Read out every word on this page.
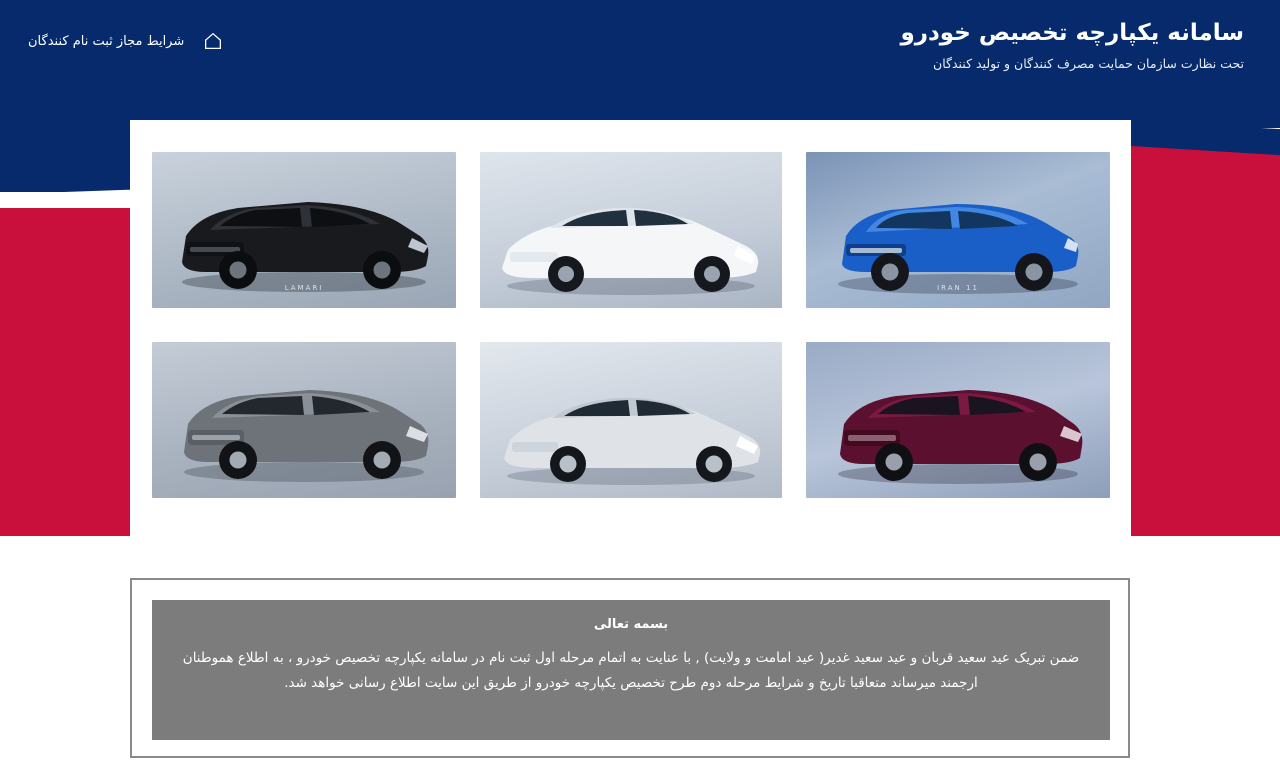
سامانه یکپارچه تخصیص خودرو
تحت نظارت سازمان حمایت مصرف کنندگان و تولید کنندگان
شرایط مجاز ثبت نام کنندگان
IRAN 11
LAMARI
بسمه تعالی
ضمن تبریک عید سعید قربان و عید سعید غدیر( عید امامت و ولایت) , با عنایت به اتمام مرحله اول ثبت نام در سامانه یکپارچه تخصیص خودرو ، به اطلاع هموطنان ارجمند میرساند متعاقبا تاریخ و شرایط مرحله دوم طرح تخصیص یکپارچه خودرو از طریق این سایت اطلاع رسانی خواهد شد.
